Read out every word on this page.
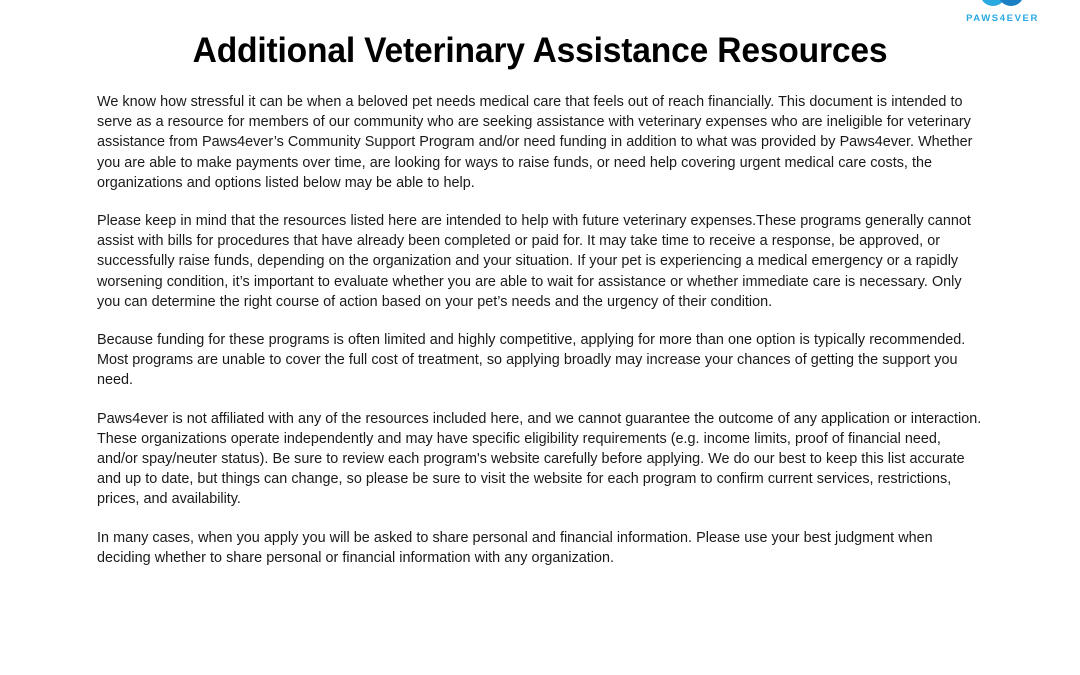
PAWS4EVER
Additional Veterinary Assistance Resources

We know how stressful it can be when a beloved pet needs medical care that feels out of reach financially. This document is intended to serve as a resource for members of our community who are seeking assistance with veterinary expenses who are ineligible for veterinary assistance from Paws4ever’s Community Support Program and/or need funding in addition to what was provided by Paws4ever. Whether you are able to make payments over time, are looking for ways to raise funds, or need help covering urgent medical care costs, the organizations and options listed below may be able to help.

Please keep in mind that the resources listed here are intended to help with future veterinary expenses.These programs generally cannot assist with bills for procedures that have already been completed or paid for. It may take time to receive a response, be approved, or successfully raise funds, depending on the organization and your situation. If your pet is experiencing a medical emergency or a rapidly worsening condition, it’s important to evaluate whether you are able to wait for assistance or whether immediate care is necessary. Only you can determine the right course of action based on your pet’s needs and the urgency of their condition.

Because funding for these programs is often limited and highly competitive, applying for more than one option is typically recommended. Most programs are unable to cover the full cost of treatment, so applying broadly may increase your chances of getting the support you need.

Paws4ever is not affiliated with any of the resources included here, and we cannot guarantee the outcome of any application or interaction. These organizations operate independently and may have specific eligibility requirements (e.g. income limits, proof of financial need, and/or spay/neuter status). Be sure to review each program's website carefully before applying. We do our best to keep this list accurate and up to date, but things can change, so please be sure to visit the website for each program to confirm current services, restrictions, prices, and availability.

In many cases, when you apply you will be asked to share personal and financial information. Please use your best judgment when deciding whether to share personal or financial information with any organization.
